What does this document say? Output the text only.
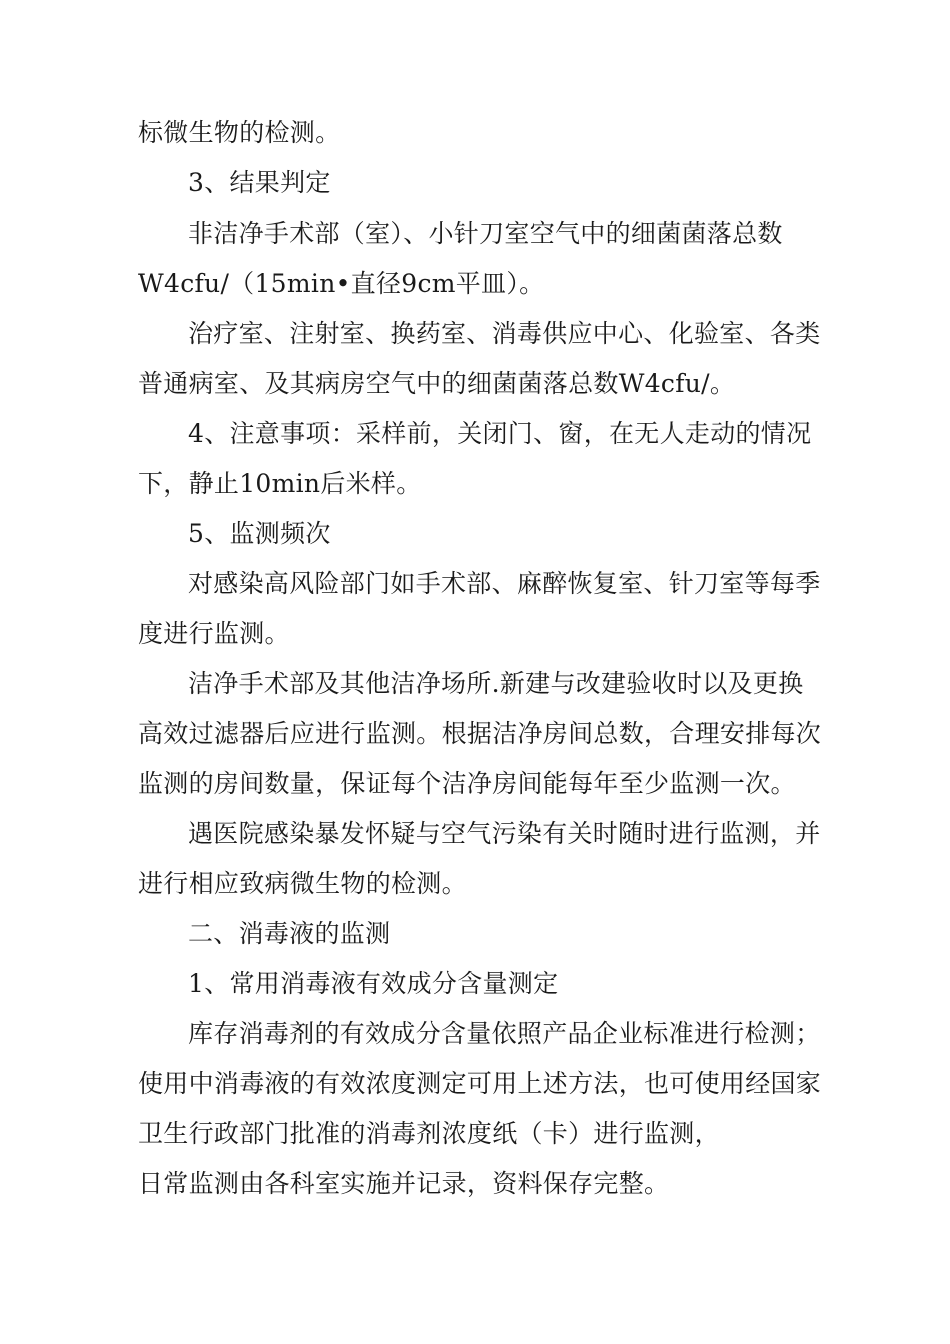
标微生物的检测。
3、结果判定
非洁净手术部（室）、小针刀室空气中的细菌菌落总数
W4cfu/（15min•直径9cm平皿）。
治疗室、注射室、换药室、消毒供应中心、化验室、各类
普通病室、及其病房空气中的细菌菌落总数W4cfu/。
4、注意事项：采样前，关闭门、窗，在无人走动的情况
下，静止10min后米样。
5、监测频次
对感染高风险部门如手术部、麻醉恢复室、针刀室等每季
度进行监测。
洁净手术部及其他洁净场所.新建与改建验收时以及更换
高效过滤器后应进行监测。根据洁净房间总数，合理安排每次
监测的房间数量，保证每个洁净房间能每年至少监测一次。
遇医院感染暴发怀疑与空气污染有关时随时进行监测，并
进行相应致病微生物的检测。
二、消毒液的监测
1、常用消毒液有效成分含量测定
库存消毒剂的有效成分含量依照产品企业标准进行检测；
使用中消毒液的有效浓度测定可用上述方法，也可使用经国家
卫生行政部门批准的消毒剂浓度纸（卡）进行监测，
日常监测由各科室实施并记录，资料保存完整。
